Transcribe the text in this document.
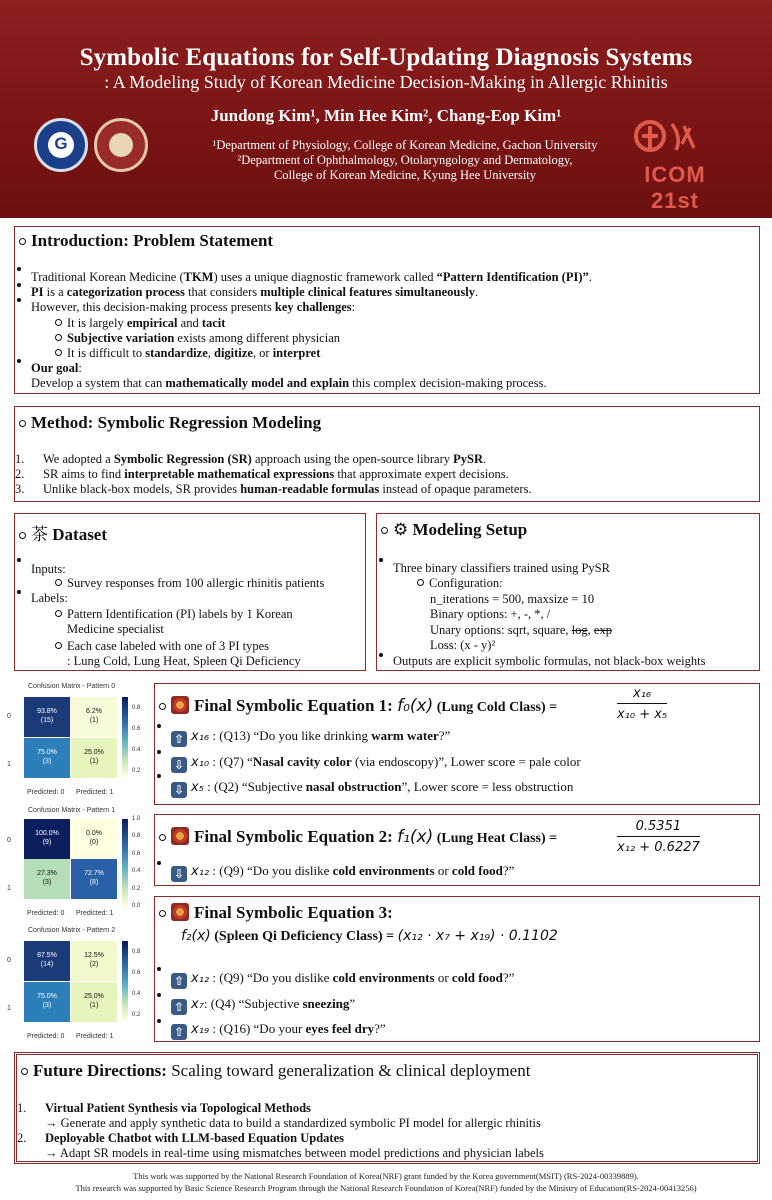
Symbolic Equations for Self-Updating Diagnosis Systems
: A Modeling Study of Korean Medicine Decision-Making in Allergic Rhinitis
Jundong Kim¹, Min Hee Kim², Chang-Eop Kim¹
¹Department of Physiology, College of Korean Medicine, Gachon University
²Department of Ophthalmology, Otolaryngology and Dermatology,
College of Korean Medicine, Kyung Hee University
G
ICOM 21st
Introduction: Problem Statement
Traditional Korean Medicine (TKM) uses a unique diagnostic framework called “Pattern Identification (PI)”.
PI is a categorization process that considers multiple clinical features simultaneously.
However, this decision-making process presents key challenges:
It is largely empirical and tacit
Subjective variation exists among different physician
It is difficult to standardize, digitize, or interpret
Our goal:
Develop a system that can mathematically model and explain this complex decision-making process.
Method: Symbolic Regression Modeling
1.
2.
3.
We adopted a Symbolic Regression (SR) approach using the open-source library PySR.
SR aims to find interpretable mathematical expressions that approximate expert decisions.
Unlike black-box models, SR provides human-readable formulas instead of opaque parameters.
茶 Dataset
Inputs:
Survey responses from 100 allergic rhinitis patients
Labels:
Pattern Identification (PI) labels by 1 Korean
Medicine specialist
Each case labeled with one of 3 PI types
: Lung Cold, Lung Heat, Spleen Qi Deficiency
⚙ Modeling Setup
Three binary classifiers trained using PySR
Configuration:
n_iterations = 500, maxsize = 10
Binary options: +, -, *, /
Unary options: sqrt, square, log, exp
Loss: (x - y)²
Outputs are explicit symbolic formulas, not black-box weights
Confusion Matrix - Pattern 0
0
1
93.8%
(15)
6.2%
(1)
75.0%
(3)
25.0%
(1)
Predicted: 0 Predicted: 1
0.8
0.6
0.4
0.2
Confusion Matrix - Pattern 1
0
1
100.0%
(9)
0.0%
(0)
27.3%
(3)
72.7%
(8)
Predicted: 0 Predicted: 1
1.0
0.8
0.6
0.4
0.2
0.0
Confusion Matrix - Pattern 2
0
1
87.5%
(14)
12.5%
(2)
75.0%
(3)
25.0%
(1)
Predicted: 0 Predicted: 1
0.8
0.6
0.4
0.2
Final Symbolic Equation 1: f₀(x) (Lung Cold Class) =	$\frac{\text{x₁₆}}{\text{x₁₀ + x₅}}$
⇧ x₁₆ : (Q13) “Do you like drinking warm water?”
⇩ x₁₀ : (Q7) “Nasal cavity color (via endoscopy)”, Lower score = pale color
⇩ x₅ : (Q2) “Subjective nasal obstruction”, Lower score = less obstruction
Final Symbolic Equation 2: f₁(x) (Lung Heat Class) =	$\frac{0.5351}{\text{x₁₂ + 0.6227}}$
⇩ x₁₂ : (Q9) “Do you dislike cold environments or cold food?”
Final Symbolic Equation 3:
f₂(x) (Spleen Qi Deficiency Class) = (x₁₂ · x₇ + x₁₉) · 0.1102
⇧ x₁₂ : (Q9) “Do you dislike cold environments or cold food?”
⇧ x₇: (Q4) “Subjective sneezing”
⇧ x₁₉ : (Q16) “Do your eyes feel dry?”
Future Directions: Scaling toward generalization & clinical deployment
1. Virtual Patient Synthesis via Topological Methods
→ Generate and apply synthetic data to build a standardized symbolic PI model for allergic rhinitis
2. Deployable Chatbot with LLM-based Equation Updates
→ Adapt SR models in real-time using mismatches between model predictions and physician labels
This work was supported by the National Research Foundation of Korea(NRF) grant funded by the Korea government(MSIT) (RS-2024-00339889).
This research was supported by Basic Science Research Program through the National Research Foundation of Korea(NRF) funded by the Ministry of Education(RS-2024-00413256)
